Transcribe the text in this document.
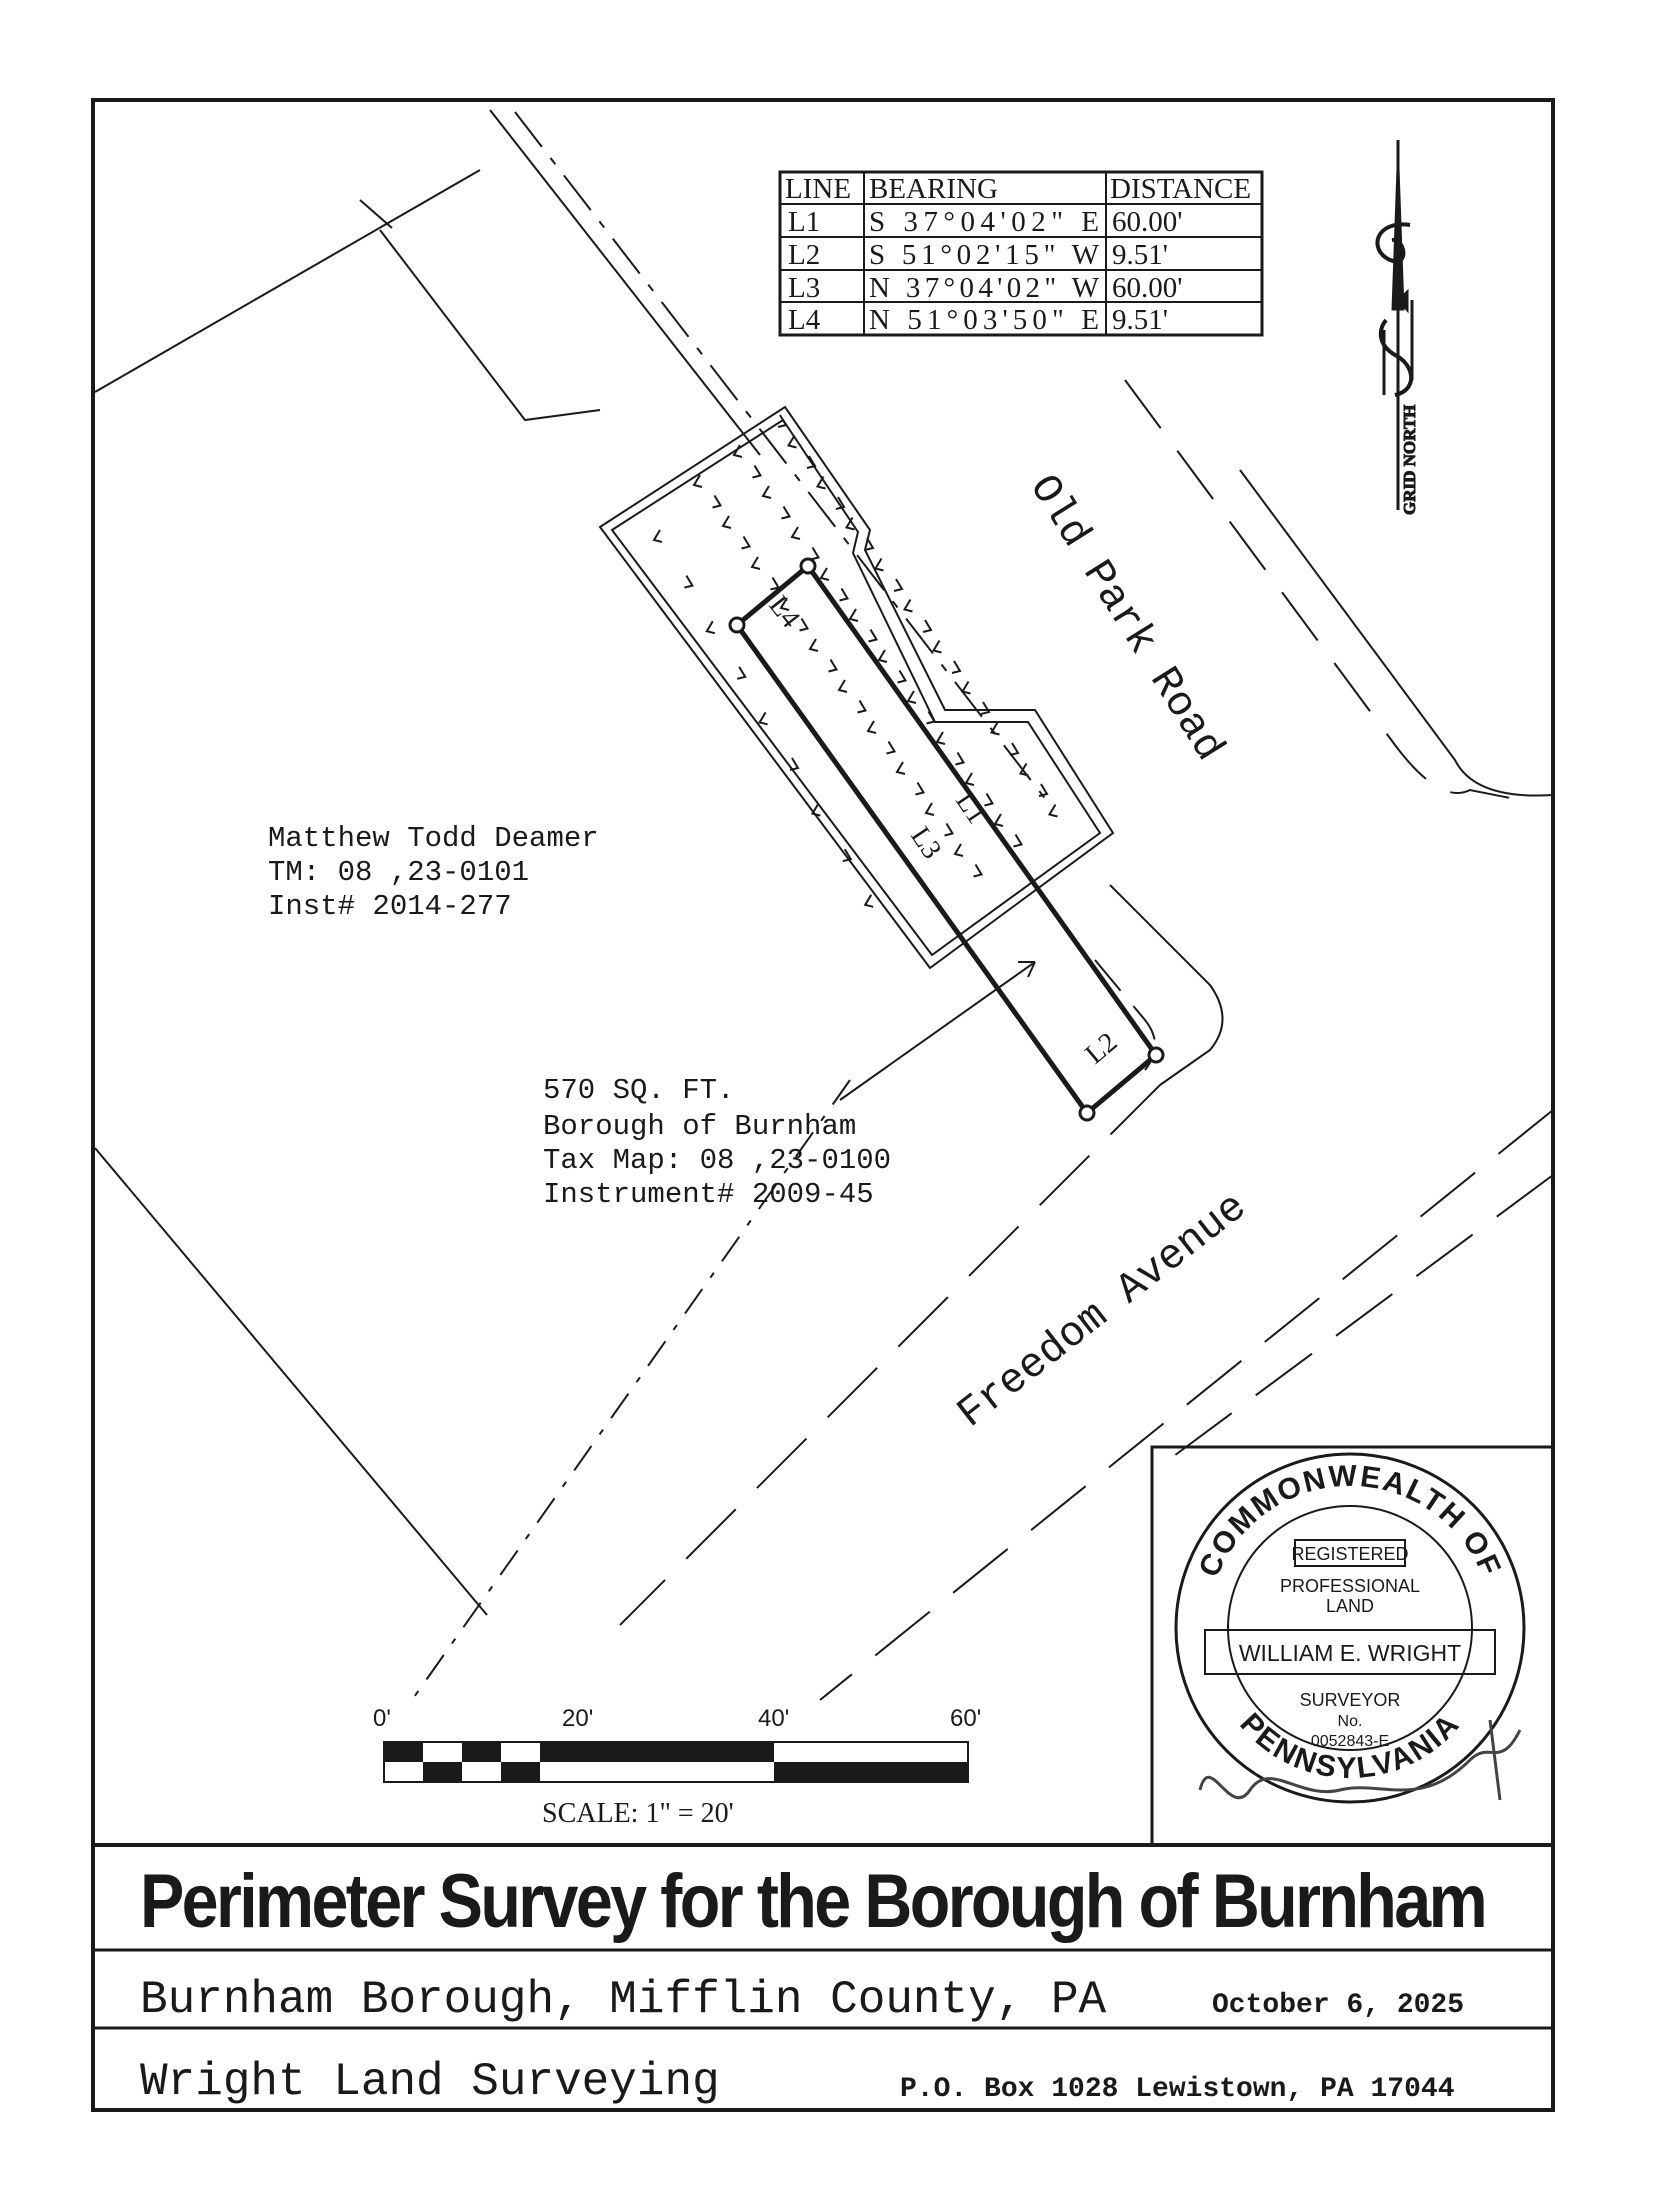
L4
L1
L3
L2
Old Park Road
Freedom Avenue
Matthew Todd Deamer
TM: 08 ,23-0101
Inst# 2014-277
570 SQ. FT.
Borough of Burnham
Tax Map: 08 ,23-0100
Instrument# 2009-45
LINE BEARING	DISTANCE
L1 S 37°04'02" E 60.00'
L2 S 51°02'15" W 9.51'
L3 N 37°04'02" W 60.00'
L4 N 51°03'50" E 9.51'
GRID NORTH
0'	20'	40'	60'
SCALE: 1" = 20'
COMMONWEALTH OF
PENNSYLVANIA
REGISTERED
PROFESSIONAL
LAND
WILLIAM E. WRIGHT
SURVEYOR
No.
0052843-E
Perimeter Survey for the Borough of Burnham
Burnham Borough, Mifflin County, PA	October 6, 2025
Wright Land Surveying	P.O. Box 1028 Lewistown, PA 17044
